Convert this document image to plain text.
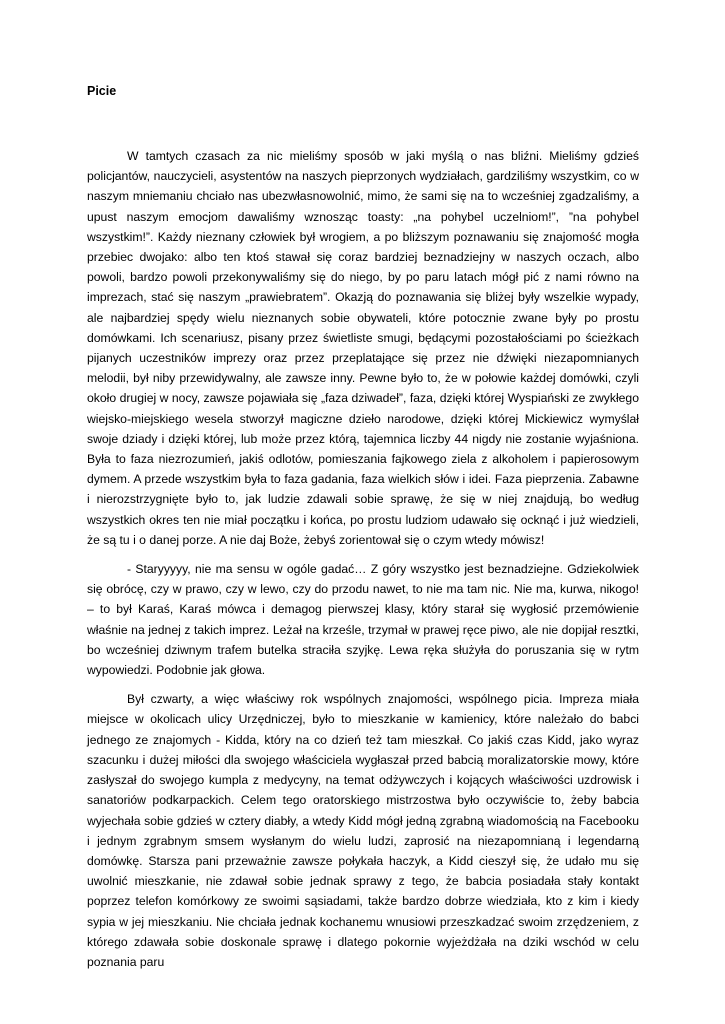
Picie

W tamtych czasach za nic mieliśmy sposób w jaki myślą o nas bliźni. Mieliśmy gdzieś policjantów, nauczycieli, asystentów na naszych pieprzonych wydziałach, gardziliśmy wszystkim, co w naszym mniemaniu chciało nas ubezwłasnowolnić, mimo, że sami się na to wcześniej zgadzaliśmy, a upust naszym emocjom dawaliśmy wznosząc toasty: „na pohybel uczelniom!”, ”na pohybel wszystkim!”. Każdy nieznany człowiek był wrogiem, a po bliższym poznawaniu się znajomość mogła przebiec dwojako: albo ten ktoś stawał się coraz bardziej beznadziejny w naszych oczach, albo powoli, bardzo powoli przekonywaliśmy się do niego, by po paru latach mógł pić z nami równo na imprezach, stać się naszym „prawiebratem”. Okazją do poznawania się bliżej były wszelkie wypady, ale najbardziej spędy wielu nieznanych sobie obywateli, które potocznie zwane były po prostu domówkami. Ich scenariusz, pisany przez świetliste smugi, będącymi pozostałościami po ścieżkach pijanych uczestników imprezy oraz przez przeplatające się przez nie dźwięki niezapomnianych melodii, był niby przewidywalny, ale zawsze inny. Pewne było to, że w połowie każdej domówki, czyli około drugiej w nocy, zawsze pojawiała się „faza dziwadeł”, faza, dzięki której Wyspiański ze zwykłego wiejsko-miejskiego wesela stworzył magiczne dzieło narodowe, dzięki której Mickiewicz wymyślał swoje dziady i dzięki której, lub może przez którą, tajemnica liczby 44 nigdy nie zostanie wyjaśniona. Była to faza niezrozumień, jakiś odlotów, pomieszania fajkowego ziela z alkoholem i papierosowym dymem. A przede wszystkim była to faza gadania, faza wielkich słów i idei. Faza pieprzenia. Zabawne i nierozstrzygnięte było to, jak ludzie zdawali sobie sprawę, że się w niej znajdują, bo według wszystkich okres ten nie miał początku i końca, po prostu ludziom udawało się ocknąć i już wiedzieli, że są tu i o danej porze. A nie daj Boże, żebyś zorientował się o czym wtedy mówisz!

- Staryyyyy, nie ma sensu w ogóle gadać… Z góry wszystko jest beznadziejne. Gdziekolwiek się obrócę, czy w prawo, czy w lewo, czy do przodu nawet, to nie ma tam nic. Nie ma, kurwa, nikogo! – to był Karaś, Karaś mówca i demagog pierwszej klasy, który starał się wygłosić przemówienie właśnie na jednej z takich imprez. Leżał na krześle, trzymał w prawej ręce piwo, ale nie dopijał resztki, bo wcześniej dziwnym trafem butelka straciła szyjkę. Lewa ręka służyła do poruszania się w rytm wypowiedzi. Podobnie jak głowa.

Był czwarty, a więc właściwy rok wspólnych znajomości, wspólnego picia. Impreza miała miejsce w okolicach ulicy Urzędniczej, było to mieszkanie w kamienicy, które należało do babci jednego ze znajomych - Kidda, który na co dzień też tam mieszkał. Co jakiś czas Kidd, jako wyraz szacunku i dużej miłości dla swojego właściciela wygłaszał przed babcią moralizatorskie mowy, które zasłyszał do swojego kumpla z medycyny, na temat odżywczych i kojących właściwości uzdrowisk i sanatoriów podkarpackich. Celem tego oratorskiego mistrzostwa było oczywiście to, żeby babcia wyjechała sobie gdzieś w cztery diabły, a wtedy Kidd mógł jedną zgrabną wiadomością na Facebooku i jednym zgrabnym smsem wysłanym do wielu ludzi, zaprosić na niezapomnianą i legendarną domówkę. Starsza pani przeważnie zawsze połykała haczyk, a Kidd cieszył się, że udało mu się uwolnić mieszkanie, nie zdawał sobie jednak sprawy z tego, że babcia posiadała stały kontakt poprzez telefon komórkowy ze swoimi sąsiadami, także bardzo dobrze wiedziała, kto z kim i kiedy sypia w jej mieszkaniu. Nie chciała jednak kochanemu wnusiowi przeszkadzać swoim zrzędzeniem, z którego zdawała sobie doskonale sprawę i dlatego pokornie wyjeżdżała na dziki wschód w celu poznania paru
